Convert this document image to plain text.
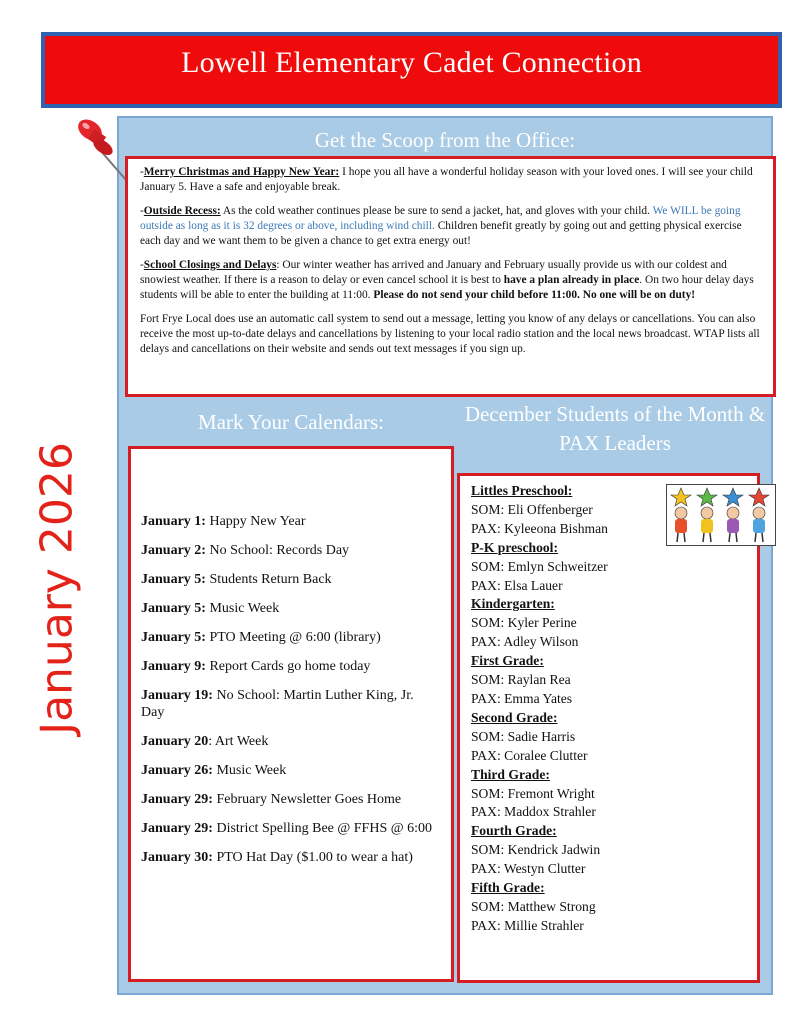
Lowell Elementary Cadet Connection
January 2026
Get the Scoop from the Office:

-Merry Christmas and Happy New Year: I hope you all have a wonderful holiday season with your loved ones. I will see your child January 5. Have a safe and enjoyable break.

-Outside Recess: As the cold weather continues please be sure to send a jacket, hat, and gloves with your child. We WILL be going outside as long as it is 32 degrees or above, including wind chill. Children benefit greatly by going out and getting physical exercise each day and we want them to be given a chance to get extra energy out!

-School Closings and Delays: Our winter weather has arrived and January and February usually provide us with our coldest and snowiest weather. If there is a reason to delay or even cancel school it is best to have a plan already in place. On two hour delay days students will be able to enter the building at 11:00. Please do not send your child before 11:00. No one will be on duty!

Fort Frye Local does use an automatic call system to send out a message, letting you know of any delays or cancellations. You can also receive the most up-to-date delays and cancellations by listening to your local radio station and the local news broadcast. WTAP lists all delays and cancellations on their website and sends out text messages if you sign up.

Mark Your Calendars:
January 1: Happy New Year
January 2: No School: Records Day
January 5: Students Return Back
January 5: Music Week
January 5: PTO Meeting @ 6:00 (library)
January 9: Report Cards go home today
January 19: No School: Martin Luther King, Jr. Day
January 20: Art Week
January 26: Music Week
January 29: February Newsletter Goes Home
January 29: District Spelling Bee @ FFHS @ 6:00
January 30: PTO Hat Day ($1.00 to wear a hat)
December Students of the Month & PAX Leaders
Littles Preschool:
SOM: Eli Offenberger
PAX: Kyleeona Bishman
P-K preschool:
SOM: Emlyn Schweitzer
PAX: Elsa Lauer
Kindergarten:
SOM: Kyler Perine
PAX: Adley Wilson
First Grade:
SOM: Raylan Rea
PAX: Emma Yates
Second Grade:
SOM: Sadie Harris
PAX: Coralee Clutter
Third Grade:
SOM: Fremont Wright
PAX: Maddox Strahler
Fourth Grade:
SOM: Kendrick Jadwin
PAX: Westyn Clutter
Fifth Grade:
SOM: Matthew Strong
PAX: Millie Strahler
